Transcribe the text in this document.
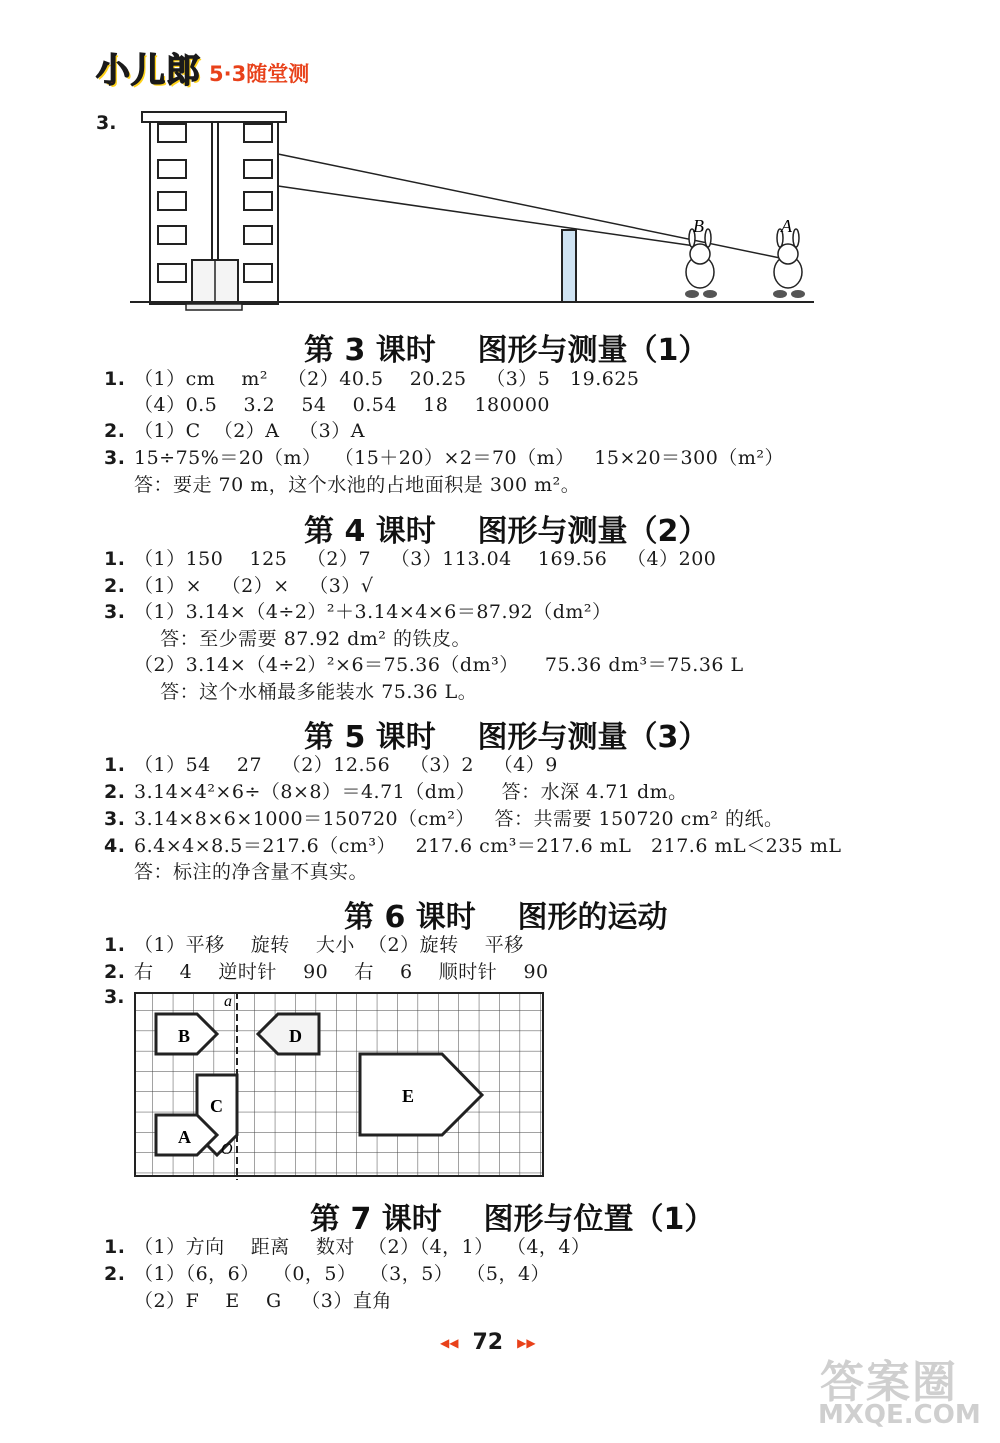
小儿郎 5·3随堂测
3.
B	A
第 3 课时    图形与测量（1）
1. （1）cm    m²   （2）40.5    20.25   （3）5   19.625
（4）0.5    3.2    54    0.54    18    180000
2. （1）C  （2）A   （3）A
3. 15÷75%＝20（m）  （15＋20）×2＝70（m）   15×20＝300（m²）
答：要走 70 m，这个水池的占地面积是 300 m²。
第 4 课时    图形与测量（2）
1. （1）150    125   （2）7   （3）113.04    169.56   （4）200
2. （1）×   （2）×   （3）√
3. （1）3.14×（4÷2）²＋3.14×4×6＝87.92（dm²）
答：至少需要 87.92 dm² 的铁皮。
（2）3.14×（4÷2）²×6＝75.36（dm³）    75.36 dm³＝75.36 L
答：这个水桶最多能装水 75.36 L。
第 5 课时    图形与测量（3）
1. （1）54    27   （2）12.56   （3）2   （4）9
2. 3.14×4²×6÷（8×8）＝4.71（dm）    答：水深 4.71 dm。
3. 3.14×8×6×1000＝150720（cm²）   答：共需要 150720 cm² 的纸。
4. 6.4×4×8.5＝217.6（cm³）   217.6 cm³＝217.6 mL   217.6 mL＜235 mL
答：标注的净含量不真实。
第 6 课时    图形的运动
1. （1）平移    旋转    大小  （2）旋转    平移
2. 右    4    逆时针    90    右    6    顺时针    90
3.
B	D
C
A
E
a
O
第 7 课时    图形与位置（1）
1. （1）方向    距离    数对  （2）（4，1）  （4，4）
2. （1）（6，6）  （0，5）  （3，5）  （5，4）
（2）F    E    G   （3）直角
◀◀ 72 ▶▶
答案圈
MXQE.COM
